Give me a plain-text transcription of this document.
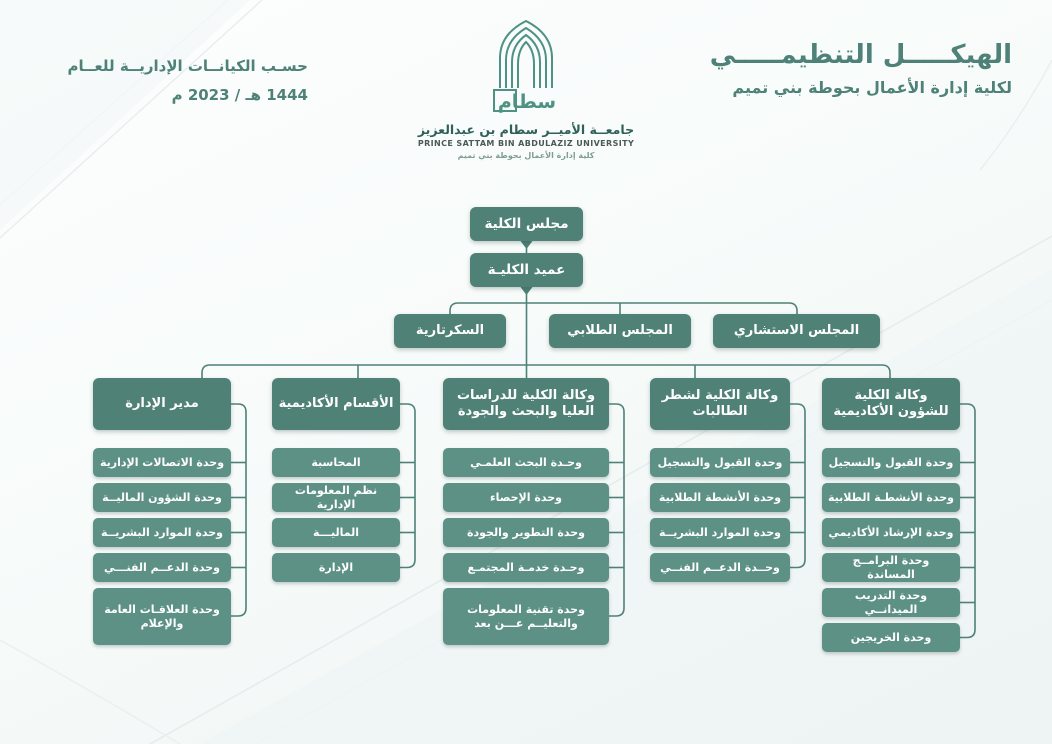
حسـب الكيانــات الإداريــة للعــام
1444 هـ / 2023 م	سطام
جامعــة الأميــر سطام بن عبدالعزيز
PRINCE SATTAM BIN ABDULAZIZ UNIVERSITY
كلية إدارة الأعمال بحوطة بني تميم
الهيكـــــل التنظيمـــــي
لكلية إدارة الأعمال بحوطة بني تميم
مجلس الكلية
عميد الكليـة
السكرتارية	المجلس الطلابي	المجلس الاستشاري
مدير الإدارة	الأقسام الأكاديمية
وكالة الكلية للدراسات العليا والبحث والجودة
وكالة الكلية لشطر الطالبات
وكالة الكلية للشؤون الأكاديمية
وحدة الاتصالات الإدارية
وحدة الشؤون الماليــة
وحدة الموارد البشريــة
وحدة الدعــم الفنـــي
وحدة العلاقـات العامة والإعلام
المحاسبة
نظم المعلومات الإدارية
الماليـــة
الإدارة
وحـدة البحث العلمـي
وحدة الإحصاء
وحدة التطوير والجودة
وحـدة خدمـة المجتمـع
وحدة تقنية المعلومات والتعليــم عـــن بعد
وحدة القبول والتسجيل
وحدة الأنشطة الطلابية
وحدة الموارد البشريــة
وحــدة الدعــم الفنــي
وحدة القبول والتسجيل
وحدة الأنشطـة الطلابية
وحدة الإرشاد الأكاديمي
وحدة البرامــج المساندة
وحدة التدريب الميدانــي
وحدة الخريجين
